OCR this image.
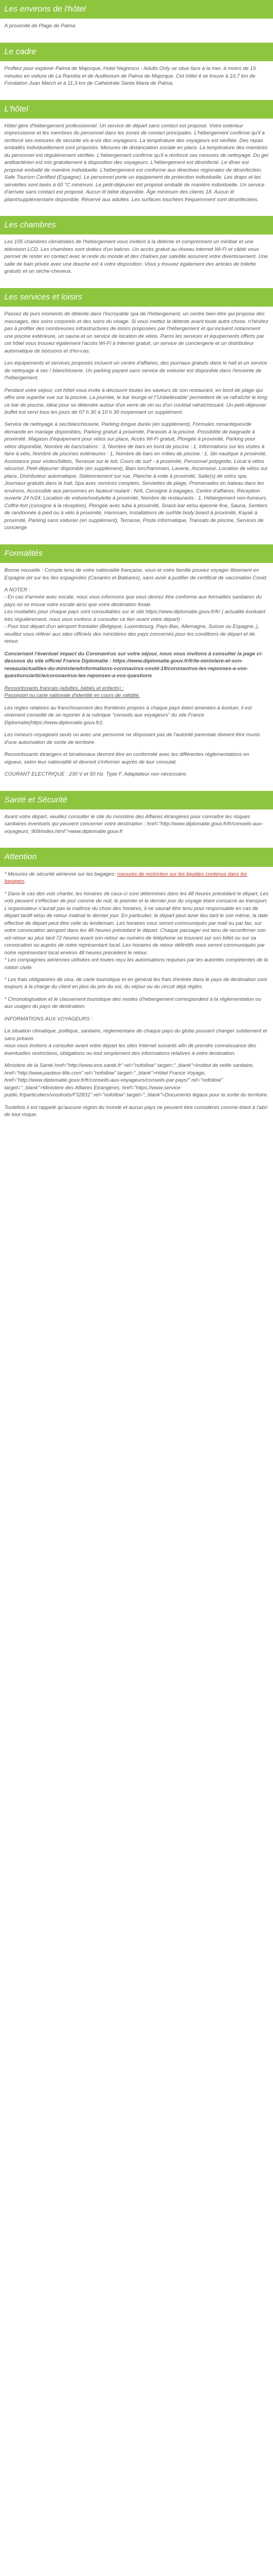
Les environs de l'hôtel

A proximité de Plage de Palma

Le cadre

Profitez pour explorer Palma de Majorque, Hotel Negresco - Adults Only se situe face à la mer, à moins de 15 minutes en voiture de La Rambla et de Auditorium de Palma de Majorque. Cet hôtel 4 se trouve à 10,7 km de Fondation Juan March et à 11,3 km de Cathédrale Santa Maria de Palma.

L'hôtel

Hôtel géré d'hébergement professionnel. Un service de départ sans contact est proposé. Votre extérieur impressionne et les membres du personnel dans les zones de contact principales. L'hébergement confirme qu'il a renforcé ses mesures de sécurité vis-à-vis des voyageurs. La température des voyageurs est vérifiée. Des repas emballés individuellement sont proposés. Mesures de distanciation sociale en place. La température des membres du personnel est régulièrement vérifiée. L'hébergement confirme qu'il a renforcé ses mesures de nettoyage. Du gel antibactérien est mis gratuitement à disposition des voyageurs. L'hébergement est désinfecté. Le dîner est proposé emballé de manière individuelle. L'hébergement est conforme aux directives régionales de désinfection. Safe Tourism Certified (Espagne). Le personnel porte un équipement de protection individuelle. Les draps et les serviettes sont lavés à 60 °C minimum. Le petit-déjeuner est proposé emballé de manière individuelle. Un service d'arrivée sans contact est proposé. Aucun lit bébé disponible. Âge minimum des clients 18. Aucun lit pliant/supplémentaire disponible. Réservé aux adultes. Les surfaces touchées fréquemment sont désinfectées.

Les chambres

Les 105 chambres climatisées de l'hébergement vous invitent à la détente et comprennent un minibar et une télévision LCD. Les chambres sont dotées d'un balcon. Un accès gratuit au réseau Internet Wi-Fi et câblé vous permet de rester en contact avec le reste du monde et des chaînes par satellite assurent votre divertissement. Une salle de bain privée avec une douche est à votre disposition. Vous y trouvez également des articles de toilette gratuits et un sèche-cheveux.

Les services et loisirs

Passez de purs moments de détente dans l'incroyable spa de l'hébergement, un centre bien-être qui propose des massages, des soins corporels et des soins du visage. Si vous mettez la détente avant toute autre chose, n'hésitez pas à profiter des nombreuses infrastructures de loisirs proposées par l'hébergement et qui incluent notamment une piscine extérieure, un sauna et un service de location de vélos. Parmi les services et équipements offerts par cet hôtel vous trouvez également l'accès Wi-Fi à Internet gratuit, un service de conciergerie et un distributeur automatique de boissons et d'en-cas.

Les équipements et services proposés incluent un centre d'affaires, des journaux gratuits dans le hall et un service de nettoyage à sec / blanchisserie. Un parking payant sans service de voiturier est disponible dans l'enceinte de l'hébergement.

Pendant votre séjour, cet hôtel vous invite à découvrir toutes les saveurs de son restaurant, en bord de plage qui offre une superbe vue sur la piscine. La journée, le bar lounge et l''Unbelievable' permettent de se rafraîchir le long ce bar de piscine, idéal pour se détendre autour d'un verre de vin ou d'un cocktail rafraîchissant. Un petit-déjeuner buffet est servi tous les jours de 07 h 30 à 10 h 30 moyennant un supplément.

Service de nettoyage à sec/blanchisserie, Parking longue durée (en supplément), Formules romantiques/de demande en mariage disponibles, Parking gratuit à proximité, Parasols à la piscine. Possibilité de baignade à proximité. Magasin d'équipement pour vélos sur place, Accès Wi-Fi gratuit, Plongée à proximité, Parking pour vélos disponible, Nombre de bars/salons : 3, Nombre de bars en bord de piscine : 1, Informations sur les visites à faire à vélo, Nombre de piscines extérieures : 1, Nombre de bars en milieu de piscine : 1, Ski nautique à proximité, Assistance pour visites/billets, Terrasse sur le toit, Cours de surf - à proximité, Personnel polyglotte, Local à vélos sécurisé, Petit-déjeuner disponible (en supplément), Bain turc/hammam, Laverie, Ascenseur, Location de vélos sur place, Distributeur automatique, Stationnement sur rue, Planche à voile à proximité, Salle(s) de soins spa, Journaux gratuits dans le hall, Spa avec services complets, Serviettes de plage, Promenades en bateau dans les environs, Accessible aux personnes en fauteuil roulant : N/A, Consigne à bagages, Centre d'affaires, Réception ouverte 24 h/24, Location de voiture/mobylette à proximité, Nombre de restaurants : 1, Hébergement non-fumeurs, Coffre-fort (consigne à la réception), Plongée avec tuba à proximité, Snack-bar et/ou épicerie fine, Sauna, Sentiers de randonnée à pied ou à vélo à proximité, Hammam, Installations de surf/de body board à proximité, Kayak à proximité, Parking sans voiturier (en supplément), Terrasse, Poste informatique, Transats de piscine, Services de concierge

Formalités

Bonne nouvelle : Compte tenu de votre nationalité française, vous et votre famille pouvez voyager librement en Espagne (et sur les îles espagnoles (Canaries et Baléares), sans avoir à justifier de certificat de vaccination Covid.

A NOTER :
- En cas d'arrivée avec escale, nous vous informons que vous devrez être conforme aux formalités sanitaires du pays où se trouve votre escale ainsi que votre destination finale.
Les modalités pour chaque pays sont consultables sur le site https://www.diplomatie.gouv.fr/fr/ ( actualité évoluant très régulièrement, nous vous invitons à consulter ce lien avant votre départ)
- Pour tout départ d'un aéroport frontalier (Belgique, Luxembourg, Pays-Bas, Allemagne, Suisse ou Espagne..), veuillez vous référer aux sites officiels des ministères des pays concernés pour les conditions de départ et de retour.

Concernant l'éventuel impact du Coronavirus sur votre séjour, nous vous invitons à consulter la page ci-dessous du site officiel France Diplomatie : https://www.diplomatie.gouv.fr/fr/le-ministere-et-son-reseau/actualites-du-ministere/informations-coronavirus-covid-19/coronavirus-les-reponses-a-vos-questions/article/coronavirus-les-reponses-a-vos-questions

Ressortissants français (adultes, bébés et enfants) :
Passeport ou carte nationale d'identité en cours de validité.

Les règles relatives au franchissement des frontières propres à chaque pays étant amenées à évoluer, il est vivement conseillé de se reporter à la rubrique "conseils aux voyageurs" du site France Diplomatie(https://www.diplomatie.gouv.fr/).

Les mineurs voyageant seuls ou avec une personne ne disposant pas de l'autorité parentale doivent être munis d'une autorisation de sortie de territoire.

Ressortissants étrangers et binationaux devront être en conformité avec les différentes réglementations en vigueur, selon leur nationalité et devront s'informer auprès de leur consulat.

COURANT ELECTRIQUE : 230 V et 50 Hz. Type F. Adaptateur non nécessaire.

Santé et Sécurité

Avant votre départ, veuillez consulter le site du ministère des Affaires étrangères pour connaître les risques sanitaires éventuels qui peuvent concerner votre destination : href="http://www.diplomatie.gouv.fr/fr/conseils-aux-voyageurs_909/index.html">www.diplomatie.gouv.fr

Attention

* Mesures de sécurité aérienne sur les bagages: mesures de restriction sur les liquides contenus dans les bagages.

* Dans le cas des vols charter, les horaires de ceux-ci sont déterminés dans les 48 heures précédant le départ. Les vols peuvent s'effectuer de jour comme de nuit, le premier et le dernier jour du voyage étant consacré au transport. L'organisateur n'aurait pas la maîtrise du choix des horaires, il ne saurait être tenu pour responsable en cas de départ tardif et/ou de retour matinal le dernier jour. En particulier, le départ peut avoir lieu tard le soir même, la date effective de départ peut être celle du lendemain. Les horaires vous seront communiqués par mail ou par fax, sur votre convocation aéroport dans les 48 heures précédant le départ. Chaque passager est tenu de reconfirmer son vol retour au plus tard 72 heures avant son retour au numéro de téléphone se trouvant sur son billet ou sur sa convocation ou auprès de notre représentant local. Les horaires de retour définitifs vous seront communiqués par notre représentant local environ 48 heures précédent le retour.
* Les compagnies aériennes utilisées ont toutes reçu les autorisations requises par les autorités compétentes de la nation civile.

* Les frais obligatoires de visa, de carte touristique et en général les frais d'entrée dans le pays de destination sont toujours à la charge du client en plus du prix du vol, du séjour ou du circuit déjà réglés.

* Chronologisation et le classement touristique des modes d'hébergement correspondent à la réglementation ou aux usages du pays de destination.

INFORMATIONS AUX VOYAGEURS :

La situation climatique, politique, sanitaire, réglementaire de chaque pays du globe pouvant changer subitement et sans préavis
nous vous invitons à consulter avant votre départ les sites Internet suivants afin de prendre connaissance des éventuelles restrictions, obligations ou tout simplement des informations relatives à votre destination.

Ministère de la Santé href="http://www.inre.santé.fr" rel="nofollow" target="_blank">Institut de veille sanitaire,
href="http://www.pasteur-lille.com" rel="nofollow" target="_blank">Hôtel France Voyage, href="http://www.diplomatie.gouv.fr/fr/conseils-aux-voyageurs/conseils-par-pays/" rel="nofollow" target="_blank">Ministère des Affaires Etrangères, href="https://www.service-public.fr/particuliers/vosdroits/F32831" rel="nofollow" target="_blank">Documents légaux pour la sortie du territoire.

Toutefois il est rappelé qu'aucune région du monde et aucun pays ne peuvent être considérés comme étant à l'abri de tout risque.
